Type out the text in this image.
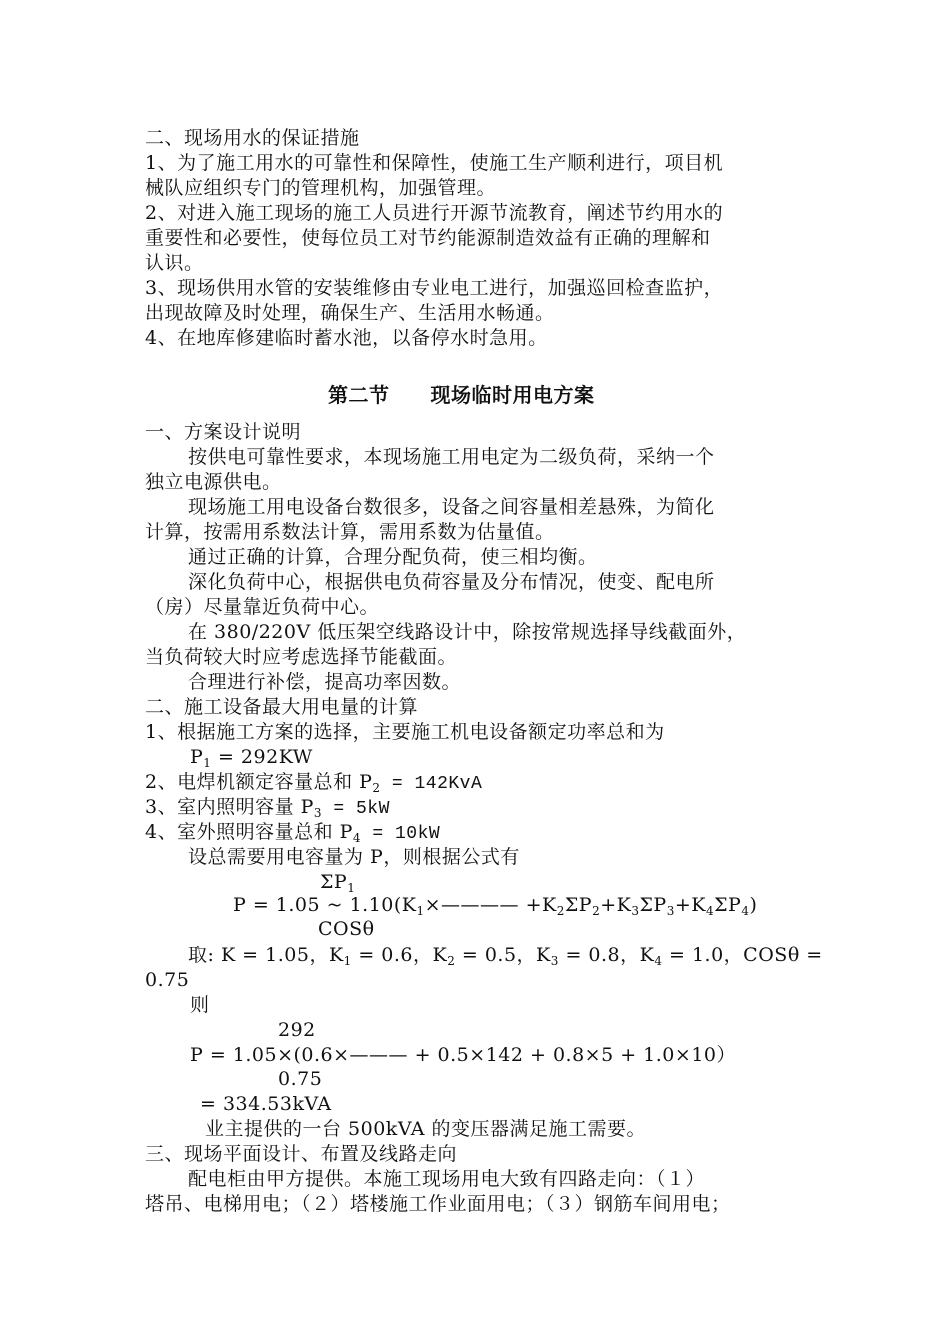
二、现场用水的保证措施
1、为了施工用水的可靠性和保障性，使施工生产顺利进行，项目机
械队应组织专门的管理机构，加强管理。
2、对进入施工现场的施工人员进行开源节流教育，阐述节约用水的
重要性和必要性，使每位员工对节约能源制造效益有正确的理解和
认识。
3、现场供用水管的安装维修由专业电工进行，加强巡回检查监护，
出现故障及时处理，确保生产、生活用水畅通。
4、在地库修建临时蓄水池，以备停水时急用。
第二节　　现场临时用电方案
一、方案设计说明
按供电可靠性要求，本现场施工用电定为二级负荷，采纳一个
独立电源供电。
现场施工用电设备台数很多，设备之间容量相差悬殊，为简化
计算，按需用系数法计算，需用系数为估量值。
通过正确的计算，合理分配负荷，使三相均衡。
深化负荷中心，根据供电负荷容量及分布情况，使变、配电所
（房）尽量靠近负荷中心。
在 380/220V 低压架空线路设计中，除按常规选择导线截面外，
当负荷较大时应考虑选择节能截面。
合理进行补偿，提高功率因数。
二、施工设备最大用电量的计算
1、根据施工方案的选择，主要施工机电设备额定功率总和为
$P_1 = 292KW$
2、电焊机额定容量总和 $P_2 = 142KvA$
3、室内照明容量 $P_3 = 5kW$
4、室外照明容量总和 $P_4 = 10kW$
设总需要用电容量为 P，则根据公式有
$\Sigma P_1$
P = 1.05 ~ $1.10(K_1\times———— +K_2\Sigma P_2+K_3\Sigma P_3+K_4\Sigma P_4)$
COSθ
取: K = 1.05，$K_1 = 0.6$，$K_2 = 0.5$，$K_3 = 0.8$，$K_4 = 1.0$，COSθ =
0.75
则
292
P = 1.05×(0.6×——— + 0.5×142 + 0.8×5 + 1.0×10）
0.75
= 334.53kVA
业主提供的一台 500kVA 的变压器满足施工需要。
三、现场平面设计、布置及线路走向
配电柜由甲方提供。本施工现场用电大致有四路走向：（１）
塔吊、电梯用电；（２）塔楼施工作业面用电；（３）钢筋车间用电；
